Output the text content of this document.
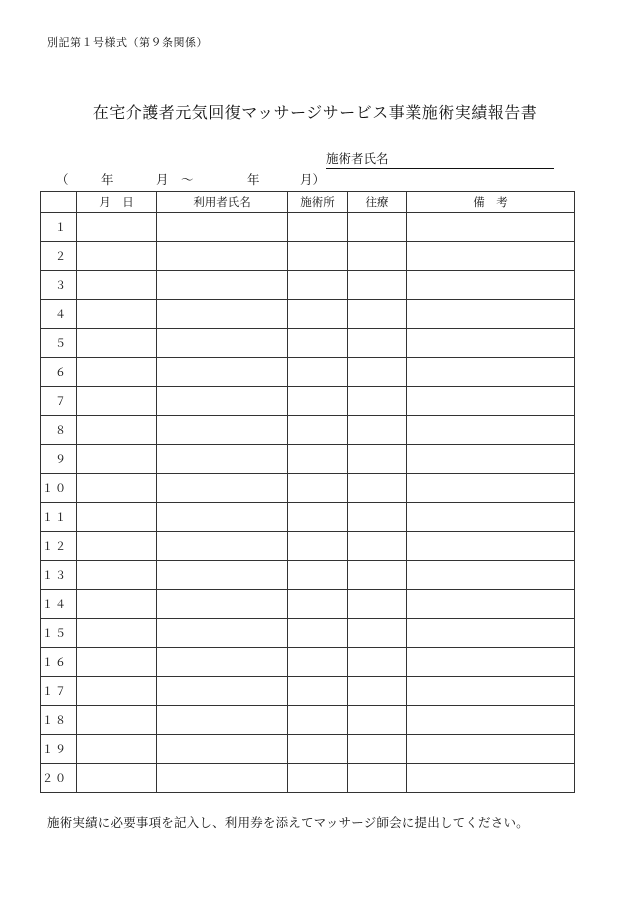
別記第１号様式（第９条関係）
在宅介護者元気回復マッサージサービス事業施術実績報告書
施術者氏名
（	年	月 ～	年	月）
	月　日	利用者氏名	施術所	往療	備　考
１					
２					
３					
４					
５					
６					
７					
８					
９					
１０					
１１					
１２					
１３					
１４					
１５					
１６					
１７					
１８					
１９					
２０					
施術実績に必要事項を記入し、利用券を添えてマッサージ師会に提出してください。
